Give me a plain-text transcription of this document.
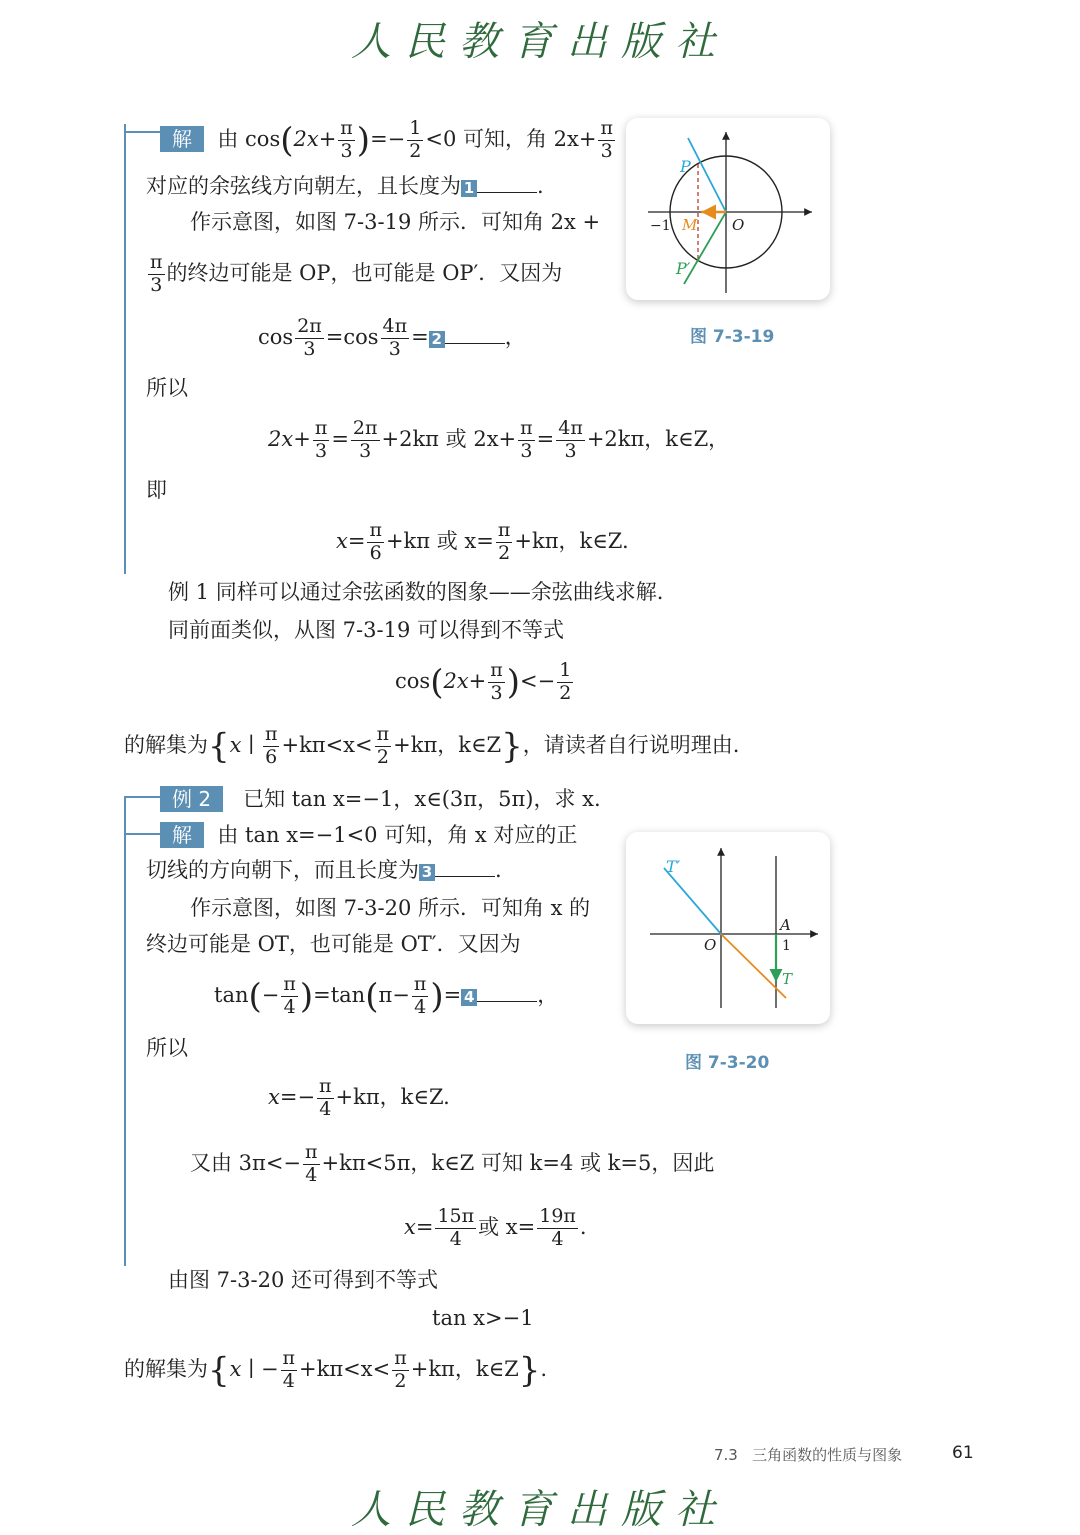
人民教育出版社
解 由 $\cos(2x+ \frac{\pi}{3}$ )=− $\frac{1}{2} <0$ 可知，角 $2x+ \frac{\pi}{3}$
对应的余弦线方向朝左，且长度为 1	.
作示意图，如图 7-3-19 所示．可知角 2x +
$\frac{\pi}{3}$ 的终边可能是 OP，也可能是 OP′．又因为
$\cos \frac{2\pi}{3} =\cos \frac{4\pi}{3} = 2$	，
所以
$2x+ \frac{\pi}{3} = \frac{2\pi}{3} +2k\pi$ 或 $2x+ \frac{\pi}{3} = \frac{4\pi}{3} +2k\pi$，k∈Z，
即
$x= \frac{\pi}{6} +k\pi$ 或 $x= \frac{\pi}{2} +k\pi$，k∈Z.
P
P′
M O
−1
图 7-3-19
例 1 同样可以通过余弦函数的图象——余弦曲线求解.
同前面类似，从图 7-3-19 可以得到不等式
$\cos(2x+ \frac{\pi}{3}$ )<− $\frac{1}{2}$
的解集为{x ∣ $\frac{\pi}{6} +k\pi<x< \frac{\pi}{2} +k\pi$，k∈Z}，请读者自行说明理由.
例 2 已知 tan x=−1，x∈(3π，5π)，求 x.
解 由 tan x=−1<0 可知，角 x 对应的正
切线的方向朝下，而且长度为 3	.
作示意图，如图 7-3-20 所示．可知角 x 的
终边可能是 OT，也可能是 OT′．又因为
$\tan(- \frac{\pi}{4} )=\tan(\pi- \frac{\pi}{4}$ )= 4	，
所以
$x=- \frac{\pi}{4} +k\pi$，k∈Z.
又由 $3\pi<- \frac{\pi}{4} +k\pi<5\pi$，k∈Z 可知 k=4 或 k=5，因此
$x= \frac{15\pi}{4}$ 或 $x= \frac{19\pi}{4}$ .
T′
T
A
O	1
图 7-3-20
由图 7-3-20 还可得到不等式
tan x>−1
的解集为{x ∣ − $\frac{\pi}{4} +k\pi<x< \frac{\pi}{2} +k\pi$，k∈Z}.
7.3 三角函数的性质与图象	61
人民教育出版社
